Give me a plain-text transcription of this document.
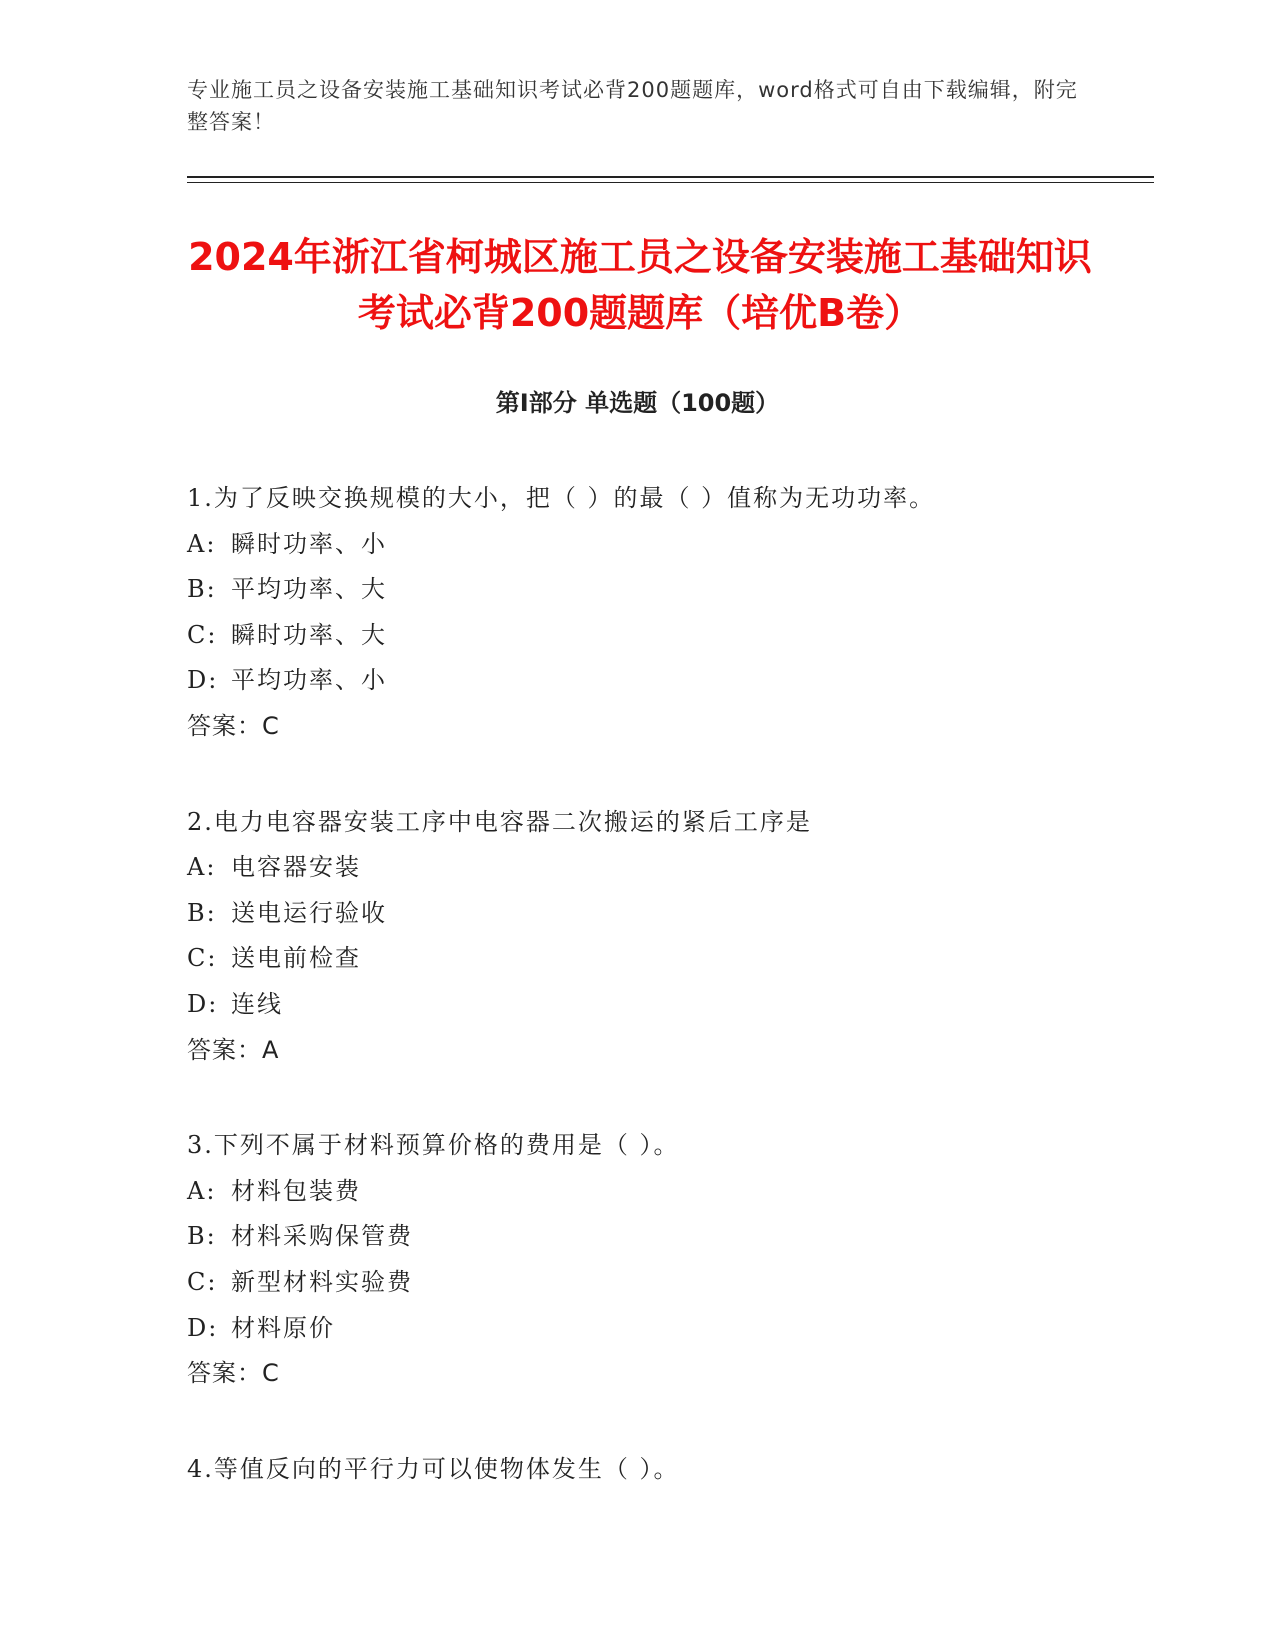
专业施工员之设备安装施工基础知识考试必背200题题库，word格式可自由下载编辑，附完整答案！
2024年浙江省柯城区施工员之设备安装施工基础知识考试必背200题题库（培优B卷）
第Ⅰ部分 单选题（100题）
1.为了反映交换规模的大小，把（ ）的最（ ）值称为无功功率。
A: 瞬时功率、小
B: 平均功率、大
C: 瞬时功率、大
D: 平均功率、小
答案：C
2.电力电容器安装工序中电容器二次搬运的紧后工序是
A: 电容器安装
B: 送电运行验收
C: 送电前检查
D: 连线
答案：A
3.下列不属于材料预算价格的费用是（ ）。
A: 材料包装费
B: 材料采购保管费
C: 新型材料实验费
D: 材料原价
答案：C
4.等值反向的平行力可以使物体发生（ ）。
